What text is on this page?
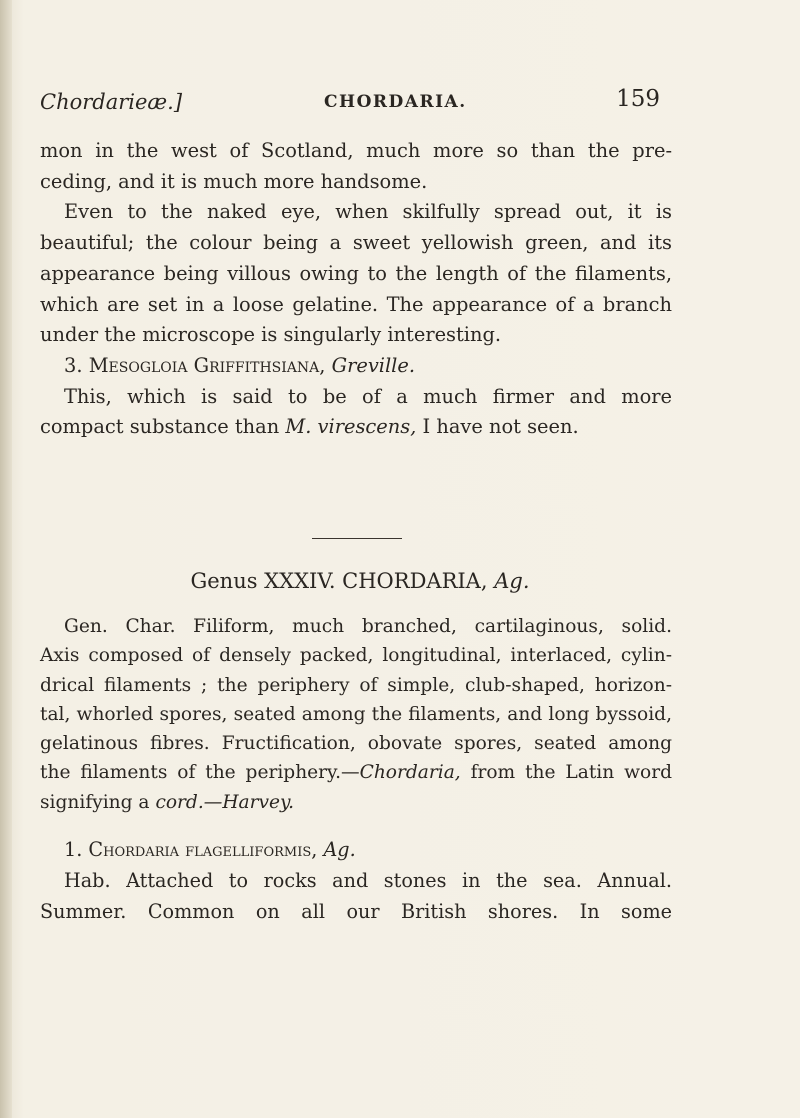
Chordarieæ.]	CHORDARIA.	159
mon in the west of Scotland, much more so than the pre-
ceding, and it is much more handsome.
Even to the naked eye, when skilfully spread out, it is
beautiful; the colour being a sweet yellowish green, and its
appearance being villous owing to the length of the filaments,
which are set in a loose gelatine. The appearance of a branch
under the microscope is singularly interesting.
3. Mesogloia Griffithsiana, Greville.
This, which is said to be of a much firmer and more
compact substance than M. virescens, I have not seen.
Genus XXXIV. CHORDARIA, Ag.
Gen. Char. Filiform, much branched, cartilaginous, solid.
Axis composed of densely packed, longitudinal, interlaced, cylin-
drical filaments ; the periphery of simple, club-shaped, horizon-
tal, whorled spores, seated among the filaments, and long byssoid,
gelatinous fibres. Fructification, obovate spores, seated among
the filaments of the periphery.—Chordaria, from the Latin word
signifying a cord.—Harvey.
1. Chordaria flagelliformis, Ag.
Hab. Attached to rocks and stones in the sea. Annual.
Summer. Common on all our British shores. In some
